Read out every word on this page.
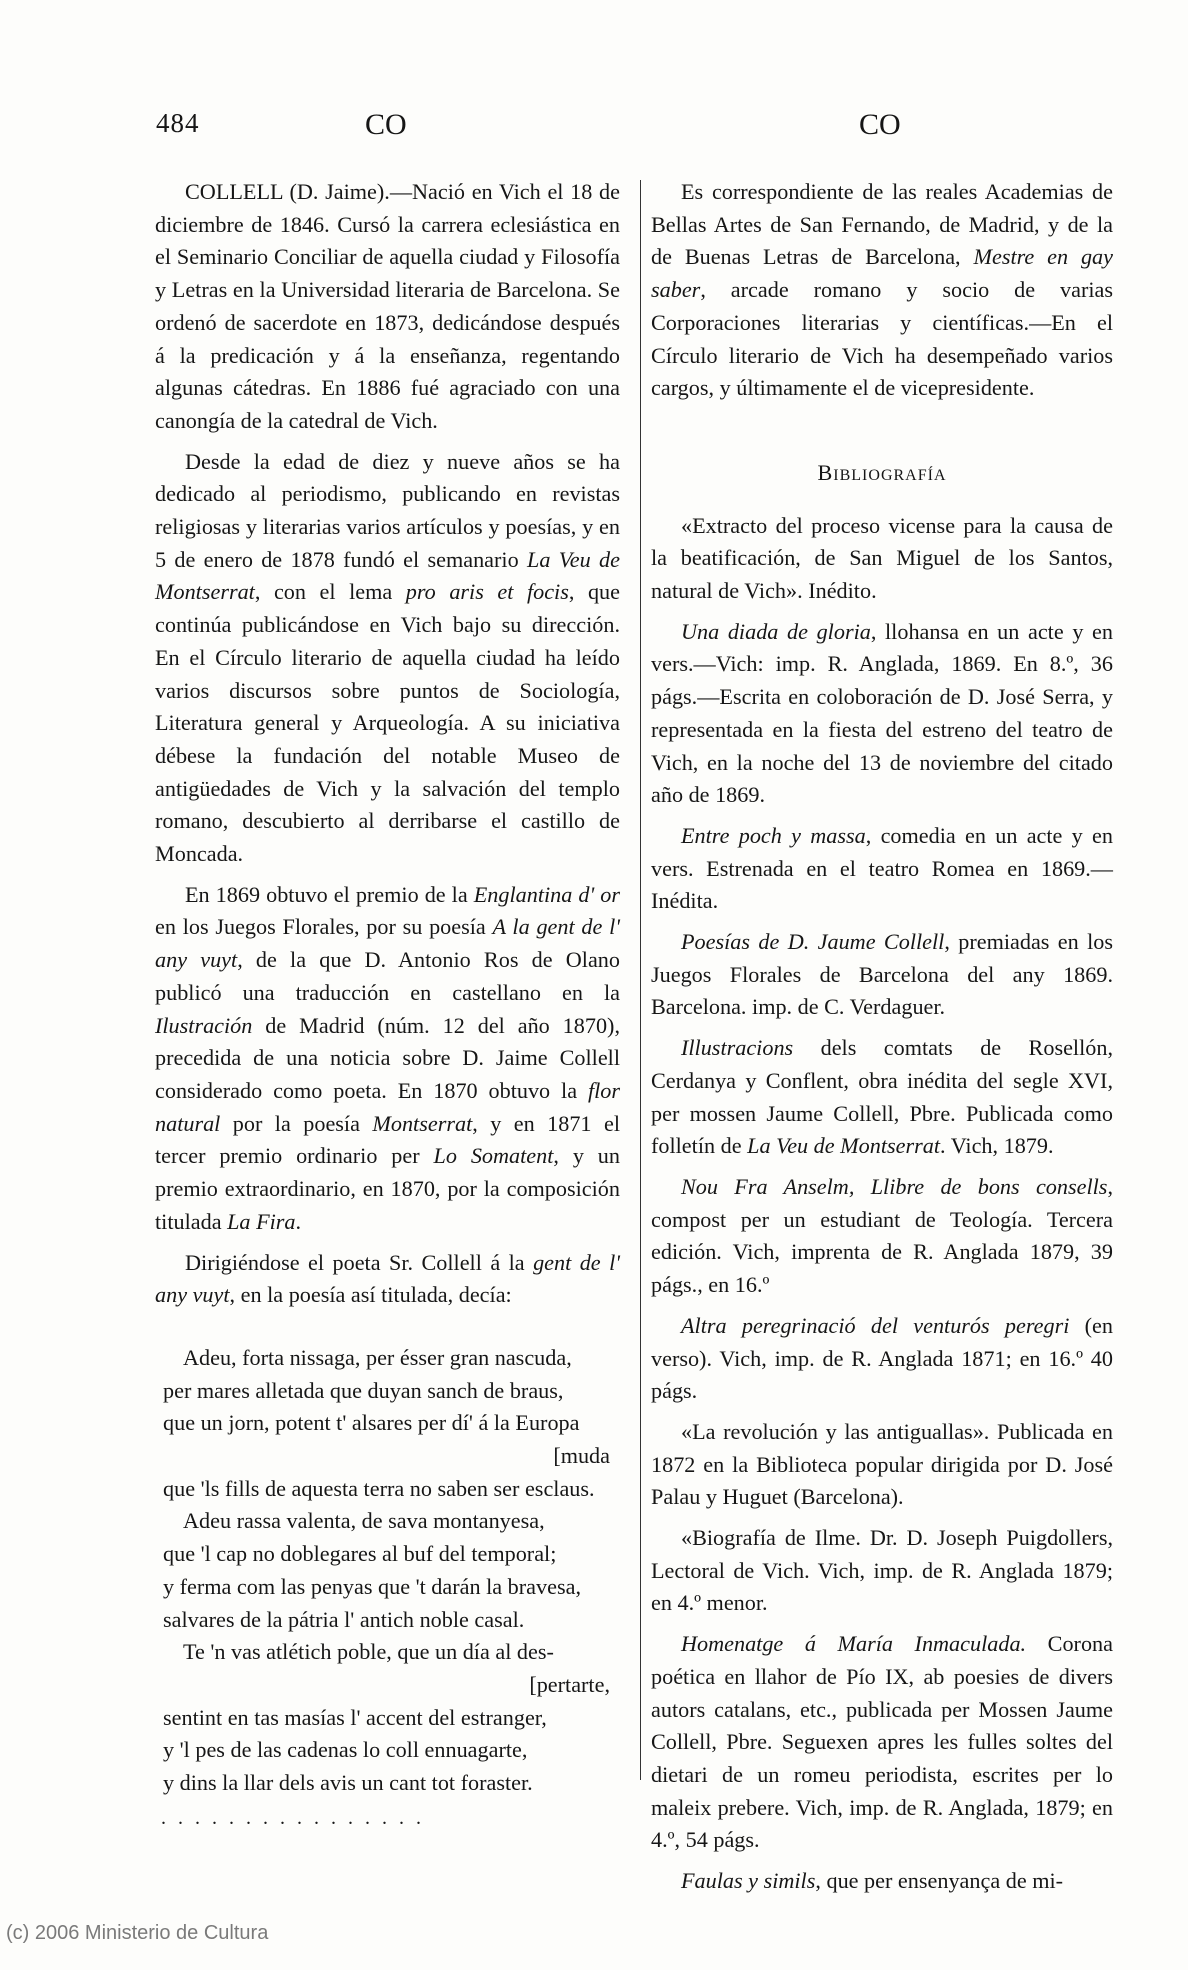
484	CO	CO

COLLELL (D. Jaime).—Nació en Vich el 18 de diciembre de 1846. Cursó la carrera eclesiástica en el Seminario Conciliar de aquella ciudad y Filosofía y Letras en la Universidad literaria de Barcelona. Se ordenó de sacerdote en 1873, dedicándose después á la predicación y á la enseñanza, regentando algunas cátedras. En 1886 fué agraciado con una canongía de la catedral de Vich.

Desde la edad de diez y nueve años se ha dedicado al periodismo, publicando en revistas religiosas y literarias varios artículos y poesías, y en 5 de enero de 1878 fundó el semanario La Veu de Montserrat, con el lema pro aris et focis, que continúa publicándose en Vich bajo su dirección. En el Círculo literario de aquella ciudad ha leído varios discursos sobre puntos de Sociología, Literatura general y Arqueología. A su iniciativa débese la fundación del notable Museo de antigüedades de Vich y la salvación del templo romano, descubierto al derribarse el castillo de Moncada.

En 1869 obtuvo el premio de la Englantina d' or en los Juegos Florales, por su poesía A la gent de l' any vuyt, de la que D. Antonio Ros de Olano publicó una traducción en castellano en la Ilustración de Madrid (núm. 12 del año 1870), precedida de una noticia sobre D. Jaime Collell considerado como poeta. En 1870 obtuvo la flor natural por la poesía Montserrat, y en 1871 el tercer premio ordinario per Lo Somatent, y un premio extraordinario, en 1870, por la composición titulada La Fira.

Dirigiéndose el poeta Sr. Collell á la gent de l' any vuyt, en la poesía así titulada, decía:

Adeu, forta nissaga, per ésser gran nascuda,
per mares alletada que duyan sanch de braus,
que un jorn, potent t' alsares per dí' á la Europa
[muda
que 'ls fills de aquesta terra no saben ser esclaus.
Adeu rassa valenta, de sava montanyesa,
que 'l cap no doblegares al buf del temporal;
y ferma com las penyas que 't darán la bravesa,
salvares de la pátria l' antich noble casal.
Te 'n vas atlétich poble, que un día al des-
[pertarte,
sentint en tas masías l' accent del estranger,
y 'l pes de las cadenas lo coll ennuagarte,
y dins la llar dels avis un cant tot foraster.
................

Es correspondiente de las reales Academias de Bellas Artes de San Fernando, de Madrid, y de la de Buenas Letras de Barcelona, Mestre en gay saber, arcade romano y socio de varias Corporaciones literarias y científicas.—En el Círculo literario de Vich ha desempeñado varios cargos, y últimamente el de vicepresidente.

Bibliografía

«Extracto del proceso vicense para la causa de la beatificación, de San Miguel de los Santos, natural de Vich». Inédito.

Una diada de gloria, llohansa en un acte y en vers.—Vich: imp. R. Anglada, 1869. En 8.º, 36 págs.—Escrita en coloboración de D. José Serra, y representada en la fiesta del estreno del teatro de Vich, en la noche del 13 de noviembre del citado año de 1869.

Entre poch y massa, comedia en un acte y en vers. Estrenada en el teatro Romea en 1869.—Inédita.

Poesías de D. Jaume Collell, premiadas en los Juegos Florales de Barcelona del any 1869. Barcelona. imp. de C. Verdaguer.

Illustracions dels comtats de Rosellón, Cerdanya y Conflent, obra inédita del segle XVI, per mossen Jaume Collell, Pbre. Publicada como folletín de La Veu de Montserrat. Vich, 1879.

Nou Fra Anselm, Llibre de bons consells, compost per un estudiant de Teología. Tercera edición. Vich, imprenta de R. Anglada 1879, 39 págs., en 16.º

Altra peregrinació del venturós peregri (en verso). Vich, imp. de R. Anglada 1871; en 16.º 40 págs.

«La revolución y las antiguallas». Publicada en 1872 en la Biblioteca popular dirigida por D. José Palau y Huguet (Barcelona).

«Biografía de Ilme. Dr. D. Joseph Puigdollers, Lectoral de Vich. Vich, imp. de R. Anglada 1879; en 4.º menor.

Homenatge á María Inmaculada. Corona poética en llahor de Pío IX, ab poesies de divers autors catalans, etc., publicada per Mossen Jaume Collell, Pbre. Seguexen apres les fulles soltes del dietari de un romeu periodista, escrites per lo maleix prebere. Vich, imp. de R. Anglada, 1879; en 4.º, 54 págs.

Faulas y simils, que per ensenyança de mi-

(c) 2006 Ministerio de Cultura
